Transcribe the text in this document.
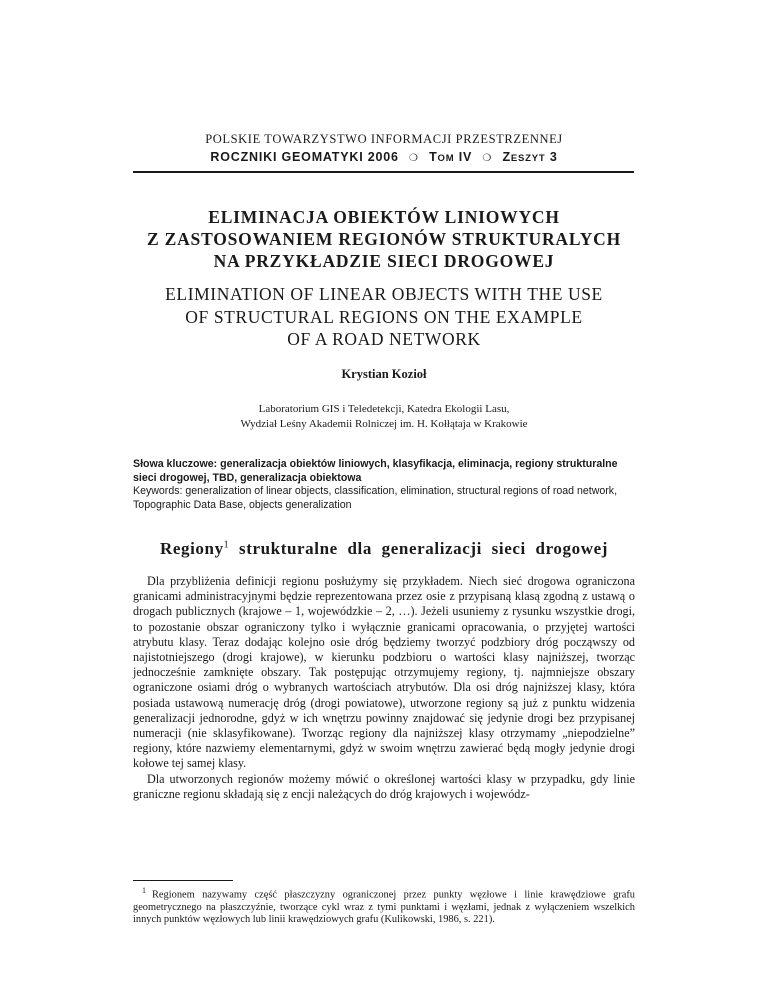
POLSKIE TOWARZYSTWO INFORMACJI PRZESTRZENNEJ
ROCZNIKI GEOMATYKI 2006 ❍ TOM IV ❍ ZESZYT 3
ELIMINACJA OBIEKTÓW LINIOWYCH
Z ZASTOSOWANIEM REGIONÓW STRUKTURALYCH
NA PRZYKŁADZIE SIECI DROGOWEJ
ELIMINATION OF LINEAR OBJECTS WITH THE USE
OF STRUCTURAL REGIONS ON THE EXAMPLE
OF A ROAD NETWORK
Krystian Kozioł
Laboratorium GIS i Teledetekcji, Katedra Ekologii Lasu,
Wydział Leśny Akademii Rolniczej im. H. Kołłątaja w Krakowie
Słowa kluczowe: generalizacja obiektów liniowych, klasyfikacja, eliminacja, regiony strukturalne sieci drogowej, TBD, generalizacja obiektowa
Keywords: generalization of linear objects, classification, elimination, structural regions of road network, Topographic Data Base, objects generalization
Regiony$^1$  strukturalne  dla  generalizacji  sieci  drogowej

Dla przybliżenia definicji regionu posłużymy się przykładem. Niech sieć drogowa ograniczona granicami administracyjnymi będzie reprezentowana przez osie z przypisaną klasą zgodną z ustawą o drogach publicznych (krajowe – 1, wojewódzkie – 2, …). Jeżeli usuniemy z rysunku wszystkie drogi, to pozostanie obszar ograniczony tylko i wyłącznie granicami opracowania, o przyjętej wartości atrybutu klasy. Teraz dodając kolejno osie dróg będziemy tworzyć podzbiory dróg począwszy od najistotniejszego (drogi krajowe), w kierunku podzbioru o wartości klasy najniższej, tworząc jednocześnie zamknięte obszary. Tak postępując otrzymujemy regiony, tj. najmniejsze obszary ograniczone osiami dróg o wybranych wartościach atrybutów. Dla osi dróg najniższej klasy, która posiada ustawową numerację dróg (drogi powiatowe), utworzone regiony są już z punktu widzenia generalizacji jednorodne, gdyż w ich wnętrzu powinny znajdować się jedynie drogi bez przypisanej numeracji (nie sklasyfikowane). Tworząc regiony dla najniższej klasy otrzymamy „niepodzielne” regiony, które nazwiemy elementarnymi, gdyż w swoim wnętrzu zawierać będą mogły jedynie drogi kołowe tej samej klasy.

Dla utworzonych regionów możemy mówić o określonej wartości klasy w przypadku, gdy linie graniczne regionu składają się z encji należących do dróg krajowych i wojewódz-

$^1$ Regionem nazywamy część płaszczyzny ograniczonej przez punkty węzłowe i linie krawędziowe grafu geometrycznego na płaszczyźnie, tworzące cykl wraz z tymi punktami i węzłami, jednak z wyłączeniem wszelkich innych punktów węzłowych lub linii krawędziowych grafu (Kulikowski, 1986, s. 221).
